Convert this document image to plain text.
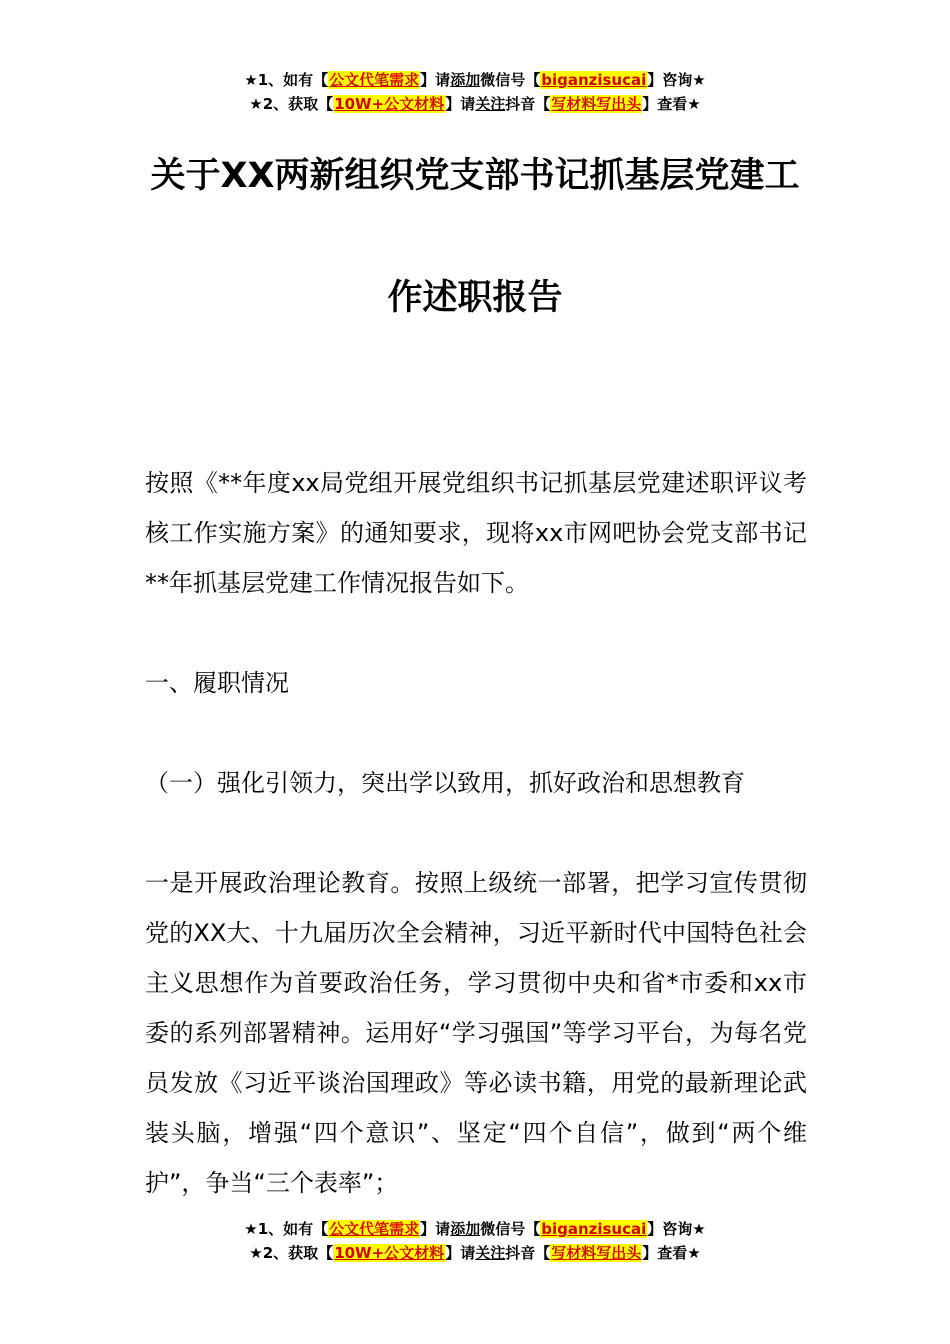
★1、如有【公文代笔需求】请添加微信号【biganzisucai】咨询★
★2、获取【10W+公文材料】请关注抖音【写材料写出头】查看★
关于XX两新组织党支部书记抓基层党建工
作述职报告
按照《**年度xx局党组开展党组织书记抓基层党建述职评议考核工作实施方案》的通知要求，现将xx市网吧协会党支部书记**年抓基层党建工作情况报告如下。
一、履职情况
（一）强化引领力，突出学以致用，抓好政治和思想教育
一是开展政治理论教育。按照上级统一部署，把学习宣传贯彻党的XX大、十九届历次全会精神，习近平新时代中国特色社会主义思想作为首要政治任务，学习贯彻中央和省*市委和xx市委的系列部署精神。运用好“学习强国”等学习平台，为每名党员发放《习近平谈治国理政》等必读书籍，用党的最新理论武装头脑，增强“四个意识”、坚定“四个自信”，做到“两个维护”，争当“三个表率”；
★1、如有【公文代笔需求】请添加微信号【biganzisucai】咨询★
★2、获取【10W+公文材料】请关注抖音【写材料写出头】查看★
